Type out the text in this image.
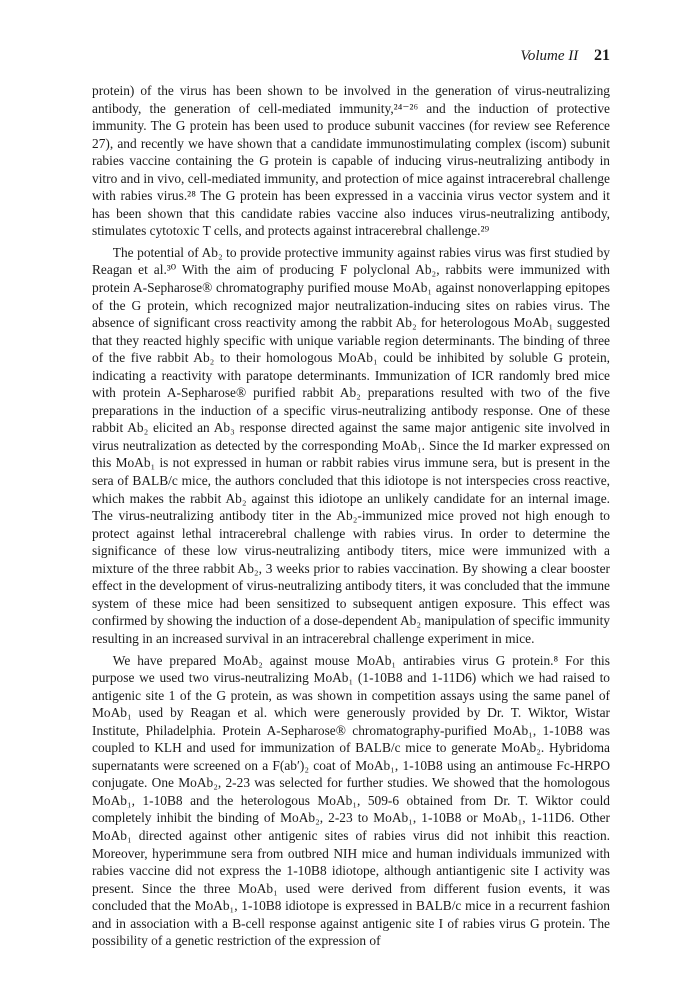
Volume II 21

protein) of the virus has been shown to be involved in the generation of virus-neutralizing antibody, the generation of cell-mediated immunity,²⁴⁻²⁶ and the induction of protective immunity. The G protein has been used to produce subunit vaccines (for review see Reference 27), and recently we have shown that a candidate immunostimulating complex (iscom) subunit rabies vaccine containing the G protein is capable of inducing virus-neutralizing antibody in vitro and in vivo, cell-mediated immunity, and protection of mice against intracerebral challenge with rabies virus.²⁸ The G protein has been expressed in a vaccinia virus vector system and it has been shown that this candidate rabies vaccine also induces virus-neutralizing antibody, stimulates cytotoxic T cells, and protects against intracerebral challenge.²⁹

The potential of Ab₂ to provide protective immunity against rabies virus was first studied by Reagan et al.³⁰ With the aim of producing F polyclonal Ab₂, rabbits were immunized with protein A-Sepharose® chromatography purified mouse MoAb₁ against nonoverlapping epitopes of the G protein, which recognized major neutralization-inducing sites on rabies virus. The absence of significant cross reactivity among the rabbit Ab₂ for heterologous MoAb₁ suggested that they reacted highly specific with unique variable region determinants. The binding of three of the five rabbit Ab₂ to their homologous MoAb₁ could be inhibited by soluble G protein, indicating a reactivity with paratope determinants. Immunization of ICR randomly bred mice with protein A-Sepharose® purified rabbit Ab₂ preparations resulted with two of the five preparations in the induction of a specific virus-neutralizing antibody response. One of these rabbit Ab₂ elicited an Ab₃ response directed against the same major antigenic site involved in virus neutralization as detected by the corresponding MoAb₁. Since the Id marker expressed on this MoAb₁ is not expressed in human or rabbit rabies virus immune sera, but is present in the sera of BALB/c mice, the authors concluded that this idiotope is not interspecies cross reactive, which makes the rabbit Ab₂ against this idiotope an unlikely candidate for an internal image. The virus-neutralizing antibody titer in the Ab₂-immunized mice proved not high enough to protect against lethal intracerebral challenge with rabies virus. In order to determine the significance of these low virus-neutralizing antibody titers, mice were immunized with a mixture of the three rabbit Ab₂, 3 weeks prior to rabies vaccination. By showing a clear booster effect in the development of virus-neutralizing antibody titers, it was concluded that the immune system of these mice had been sensitized to subsequent antigen exposure. This effect was confirmed by showing the induction of a dose-dependent Ab₂ manipulation of specific immunity resulting in an increased survival in an intracerebral challenge experiment in mice.

We have prepared MoAb₂ against mouse MoAb₁ antirabies virus G protein.⁸ For this purpose we used two virus-neutralizing MoAb₁ (1-10B8 and 1-11D6) which we had raised to antigenic site 1 of the G protein, as was shown in competition assays using the same panel of MoAb₁ used by Reagan et al. which were generously provided by Dr. T. Wiktor, Wistar Institute, Philadelphia. Protein A-Sepharose® chromatography-purified MoAb₁, 1-10B8 was coupled to KLH and used for immunization of BALB/c mice to generate MoAb₂. Hybridoma supernatants were screened on a F(ab′)₂ coat of MoAb₁, 1-10B8 using an antimouse Fc-HRPO conjugate. One MoAb₂, 2-23 was selected for further studies. We showed that the homologous MoAb₁, 1-10B8 and the heterologous MoAb₁, 509-6 obtained from Dr. T. Wiktor could completely inhibit the binding of MoAb₂, 2-23 to MoAb₁, 1-10B8 or MoAb₁, 1-11D6. Other MoAb₁ directed against other antigenic sites of rabies virus did not inhibit this reaction. Moreover, hyperimmune sera from outbred NIH mice and human individuals immunized with rabies vaccine did not express the 1-10B8 idiotope, although antiantigenic site I activity was present. Since the three MoAb₁ used were derived from different fusion events, it was concluded that the MoAb₁, 1-10B8 idiotope is expressed in BALB/c mice in a recurrent fashion and in association with a B-cell response against antigenic site I of rabies virus G protein. The possibility of a genetic restriction of the expression of
